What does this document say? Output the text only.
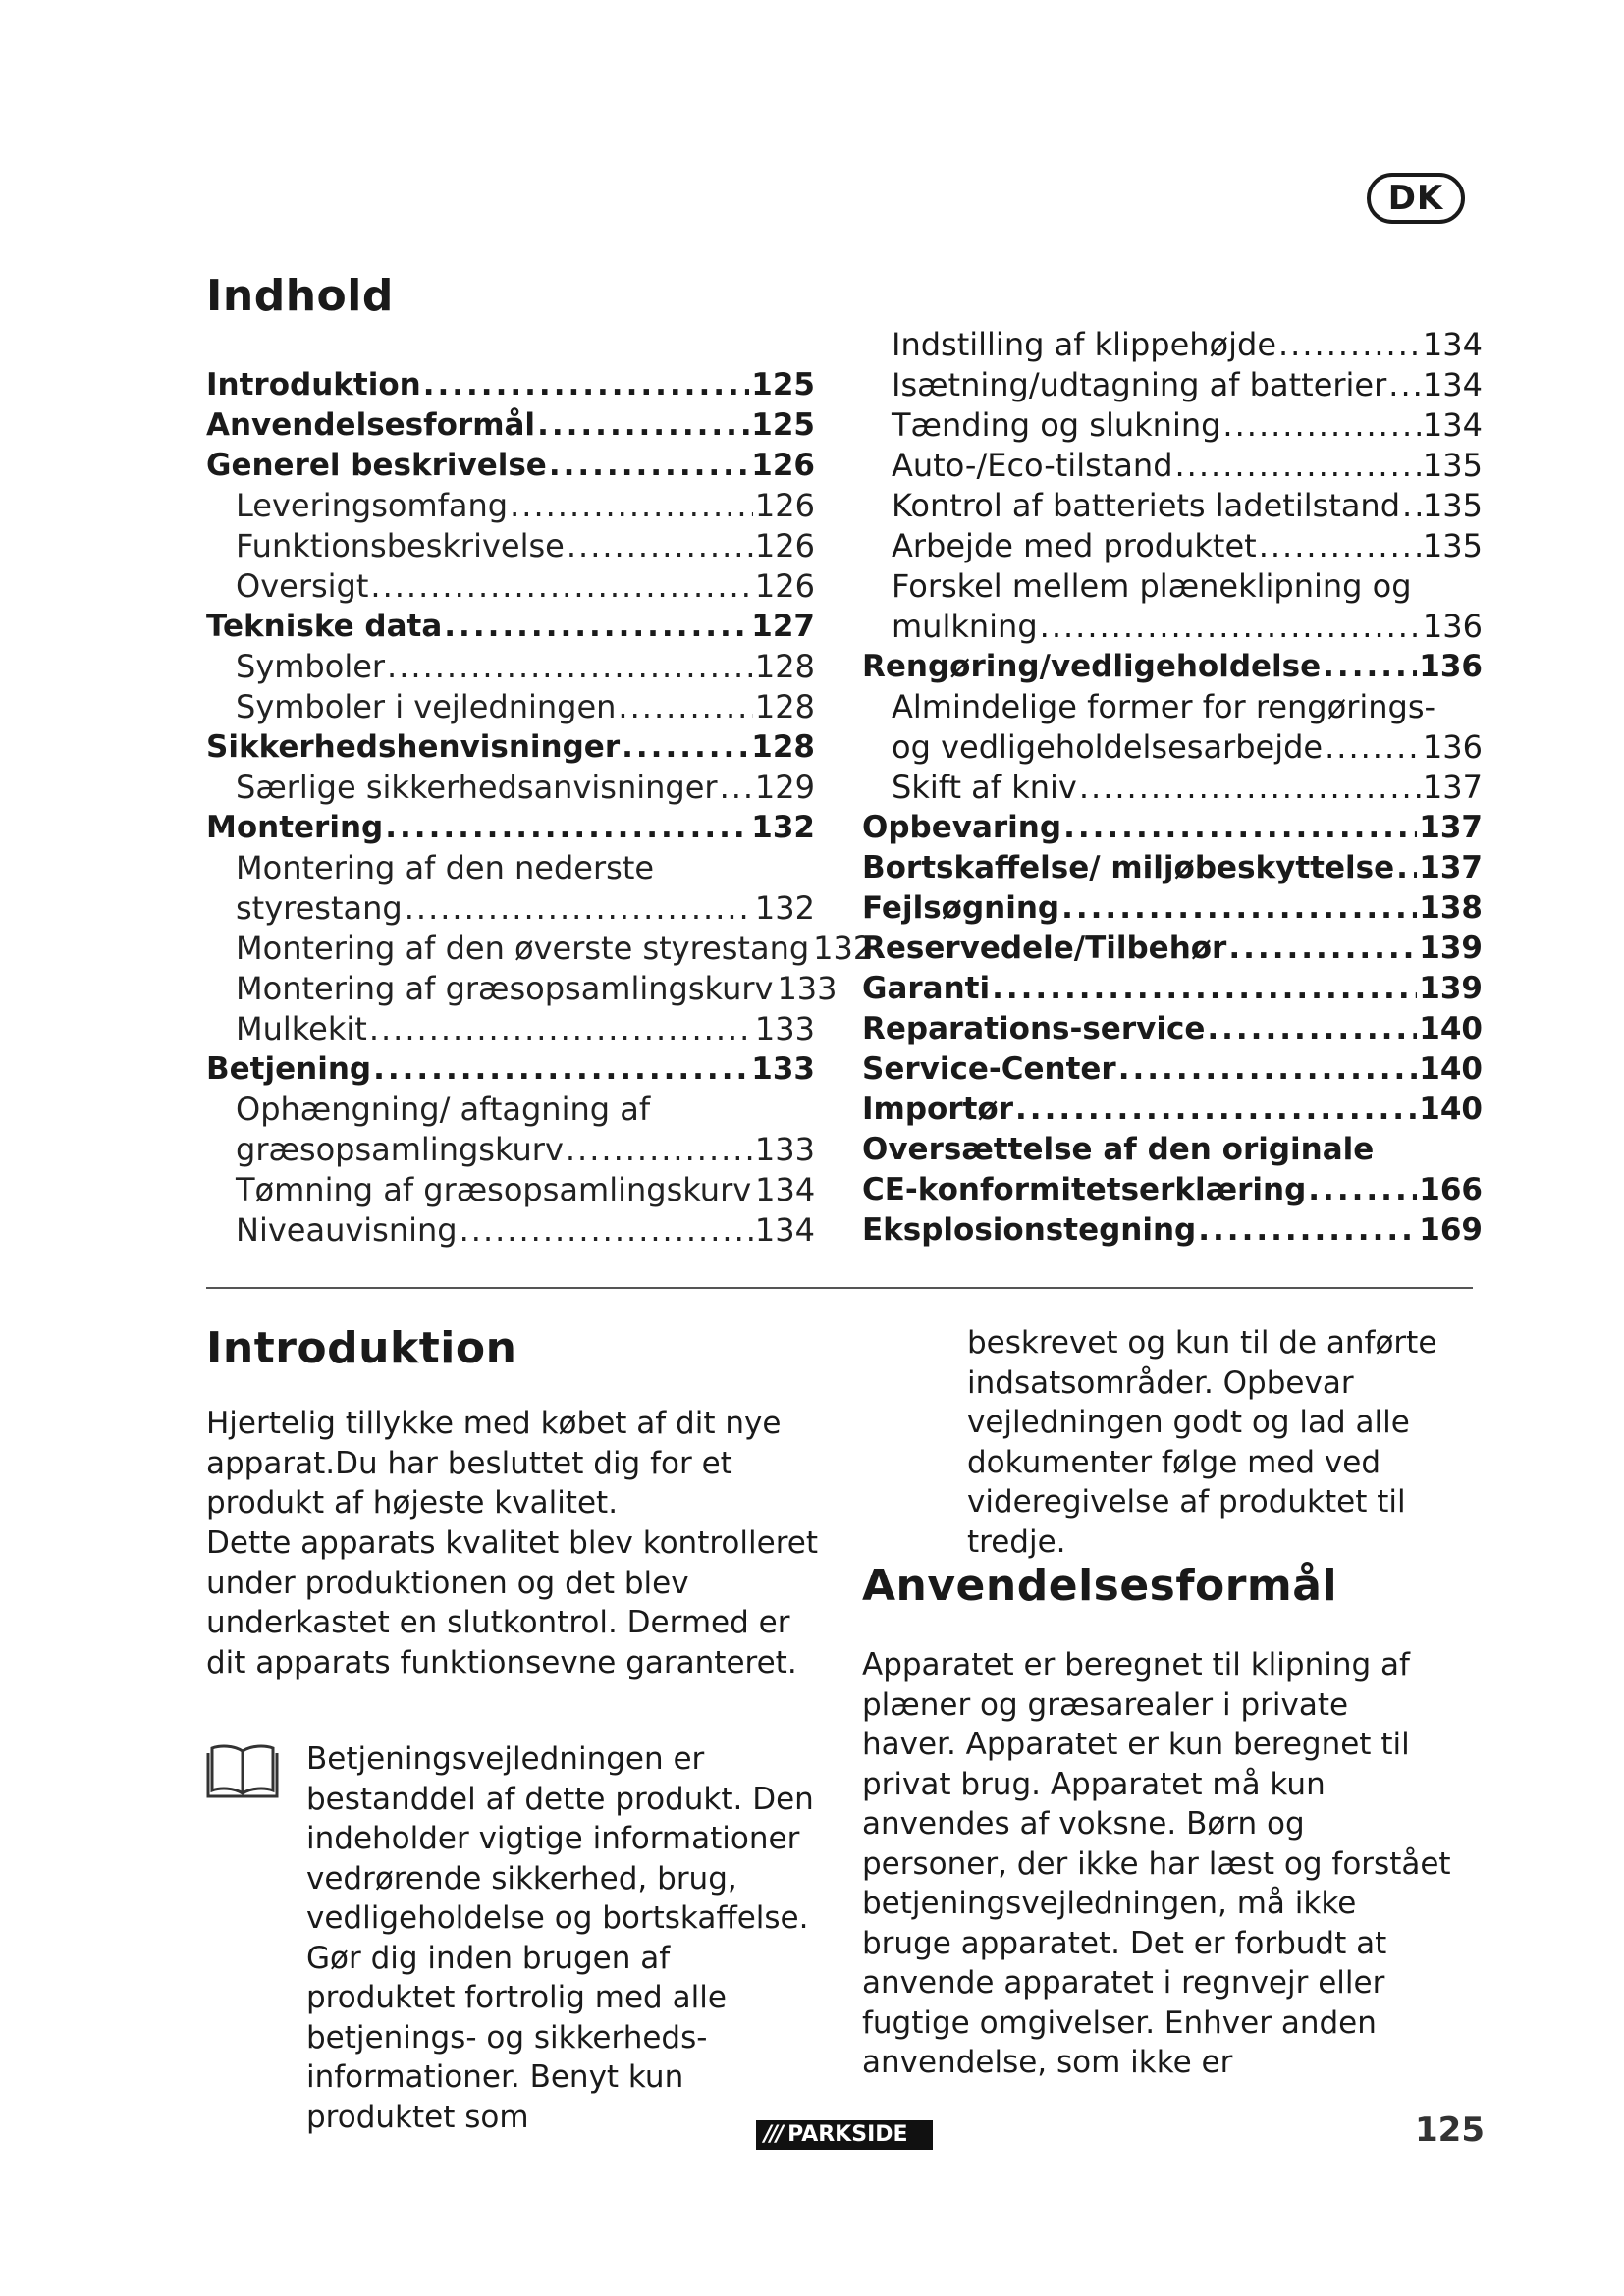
DK
Indhold
Introduktion .....	125
Anvendelsesformål .....	125
Generel beskrivelse .....	126
Leveringsomfang .....	126
Funktionsbeskrivelse .....	126
Oversigt .....	126
Tekniske data .....	127
Symboler .....	128
Symboler i vejledningen .....	128
Sikkerhedshenvisninger .....	128
Særlige sikkerhedsanvisninger ..... 129
Montering .....	132
Montering af den nederste
styrestang .....	132
Montering af den øverste styrestang 132
Montering af græsopsamlingskurv 133
Mulkekit .....	133
Betjening .....	133
Ophængning/ aftagning af
græsopsamlingskurv .....	133
Tømning af græsopsamlingskurv 134
Niveauvisning .....	134
Indstilling af klippehøjde .....	134
Isætning/udtagning af batterier ..... 134
Tænding og slukning .....	134
Auto-/Eco-tilstand .....	135
Kontrol af batteriets ladetilstand ..... 135
Arbejde med produktet .....	135
Forskel mellem plæneklipning og
mulkning .....	136
Rengøring/vedligeholdelse .....	136
Almindelige former for rengørings-
og vedligeholdelsesarbejde .....	136
Skift af kniv .....	137
Opbevaring .....	137
Bortskaffelse/ miljøbeskyttelse ..... 137
Fejlsøgning .....	138
Reservedele/Tilbehør .....	139
Garanti .....	139
Reparations-service .....	140
Service-Center .....	140
Importør .....	140
Oversættelse af den originale
CE-konformitetserklæring .....	166
Eksplosionstegning .....	169
Introduktion

Hjertelig tillykke med købet af dit nye apparat.Du har besluttet dig for et produkt af højeste kvalitet.

Dette apparats kvalitet blev kontrolleret under produktionen og det blev underkastet en slutkontrol. Dermed er dit apparats funktionsevne garanteret.

Betjeningsvejledningen er bestanddel af dette produkt. Den indeholder vigtige informationer vedrørende sikkerhed, brug, vedligeholdelse og bortskaffelse. Gør dig inden brugen af produktet fortrolig med alle betjenings- og sikkerheds-informationer. Benyt kun produktet som

beskrevet og kun til de anførte indsatsområder. Opbevar vejledningen godt og lad alle dokumenter følge med ved videregivelse af produktet til tredje.

Anvendelsesformål

Apparatet er beregnet til klipning af plæner og græsarealer i private haver. Apparatet er kun beregnet til privat brug. Apparatet må kun anvendes af voksne. Børn og personer, der ikke har læst og forstået betjeningsvejledningen, må ikke bruge apparatet. Det er forbudt at anvende apparatet i regnvejr eller fugtige omgivelser. Enhver anden anvendelse, som ikke er

/// PARKSIDE	125
